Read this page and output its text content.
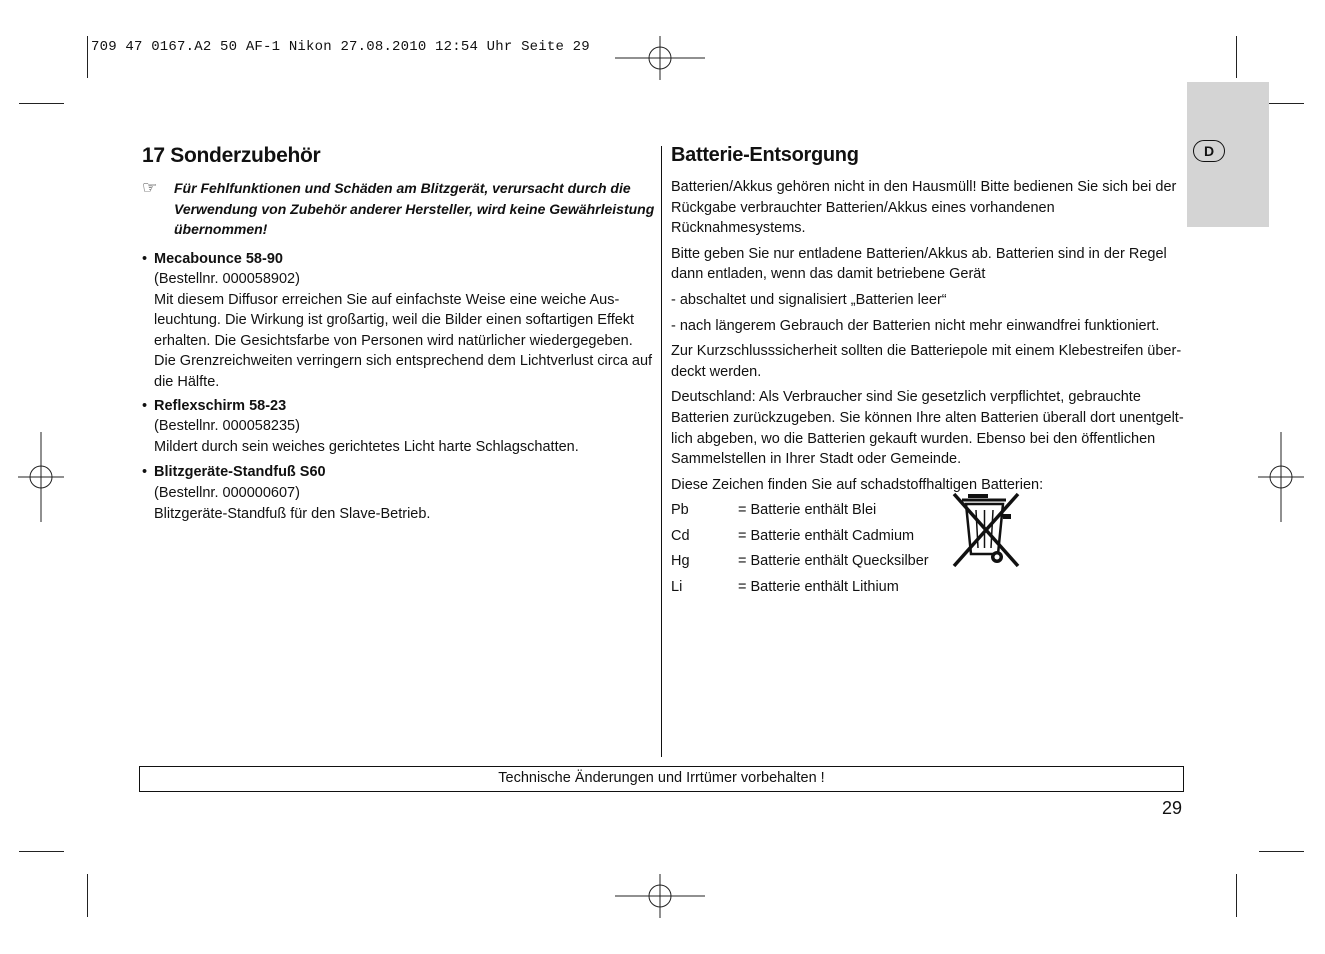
709 47 0167.A2 50 AF-1 Nikon 27.08.2010 12:54 Uhr Seite 29
D
17 Sonderzubehör
☞	Für Fehlfunktionen und Schäden am Blitzgerät, verursacht durch die
Verwendung von Zubehör anderer Hersteller, wird keine Gewährleistung
übernommen!
• Mecabounce 58-90
(Bestellnr. 000058902)
Mit diesem Diffusor erreichen Sie auf einfachste Weise eine weiche Aus-
leuchtung. Die Wirkung ist großartig, weil die Bilder einen softartigen Effekt
erhalten. Die Gesichtsfarbe von Personen wird natürlicher wiedergegeben.
Die Grenzreichweiten verringern sich entsprechend dem Lichtverlust circa auf
die Hälfte.
• Reflexschirm 58-23
(Bestellnr. 000058235)
Mildert durch sein weiches gerichtetes Licht harte Schlagschatten.
• Blitzgeräte-Standfuß S60
(Bestellnr. 000000607)
Blitzgeräte-Standfuß für den Slave-Betrieb.
Batterie-Entsorgung
Batterien/Akkus gehören nicht in den Hausmüll! Bitte bedienen Sie sich bei der
Rückgabe verbrauchter Batterien/Akkus eines vorhandenen Rücknahmesystems.
Bitte geben Sie nur entladene Batterien/Akkus ab. Batterien sind in der Regel
dann entladen, wenn das damit betriebene Gerät
- abschaltet und signalisiert „Batterien leer“
- nach längerem Gebrauch der Batterien nicht mehr einwandfrei funktioniert.
Zur Kurzschlusssicherheit sollten die Batteriepole mit einem Klebestreifen über-
deckt werden.
Deutschland: Als Verbraucher sind Sie gesetzlich verpflichtet, gebrauchte
Batterien zurückzugeben. Sie können Ihre alten Batterien überall dort unentgelt-
lich abgeben, wo die Batterien gekauft wurden. Ebenso bei den öffentlichen
Sammelstellen in Ihrer Stadt oder Gemeinde.
Diese Zeichen finden Sie auf schadstoffhaltigen Batterien:
Pb	= Batterie enthält Blei
Cd	= Batterie enthält Cadmium
Hg	= Batterie enthält Quecksilber
Li	= Batterie enthält Lithium
Technische Änderungen und Irrtümer vorbehalten !
29
